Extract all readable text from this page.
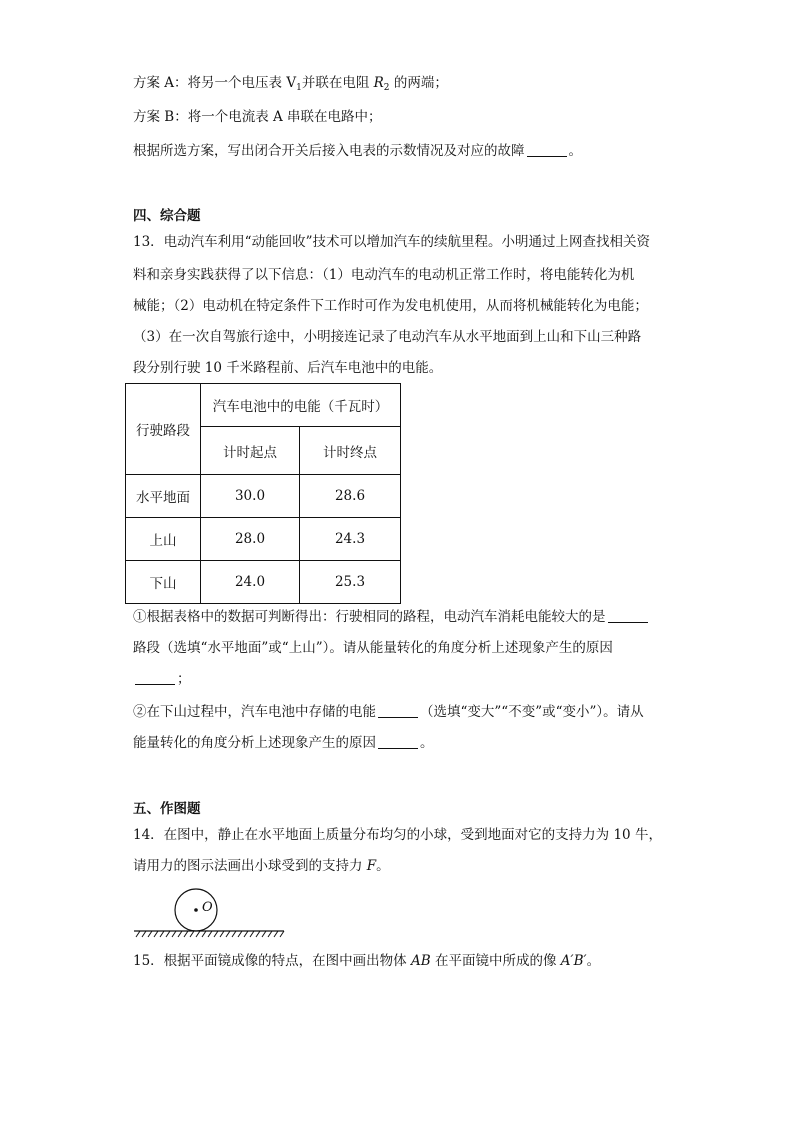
方案 A：将另一个电压表 $V_1$并联在电阻 $R_2$ 的两端；
方案 B：将一个电流表 A 串联在电路中；
根据所选方案，写出闭合开关后接入电表的示数情况及对应的故障	。
四、综合题
13．电动汽车利用“动能回收”技术可以增加汽车的续航里程。小明通过上网查找相关资
料和亲身实践获得了以下信息：（1）电动汽车的电动机正常工作时，将电能转化为机
械能；（2）电动机在特定条件下工作时可作为发电机使用，从而将机械能转化为电能；
（3）在一次自驾旅行途中，小明接连记录了电动汽车从水平地面到上山和下山三种路
段分别行驶 10 千米路程前、后汽车电池中的电能。
行驶路段	汽车电池中的电能（千瓦时）	
	计时起点	计时终点
水平地面	30.0	28.6
上山	28.0	24.3
下山	24.0	25.3
①根据表格中的数据可判断得出：行驶相同的路程，电动汽车消耗电能较大的是
路段（选填“水平地面”或“上山”）。请从能量转化的角度分析上述现象产生的原因
；
②在下山过程中，汽车电池中存储的电能	（选填“变大”“不变”或“变小”）。请从
能量转化的角度分析上述现象产生的原因	。
五、作图题
14．在图中，静止在水平地面上质量分布均匀的小球，受到地面对它的支持力为 10 牛，
请用力的图示法画出小球受到的支持力 F。
O
15．根据平面镜成像的特点，在图中画出物体 AB 在平面镜中所成的像 A′B′。
